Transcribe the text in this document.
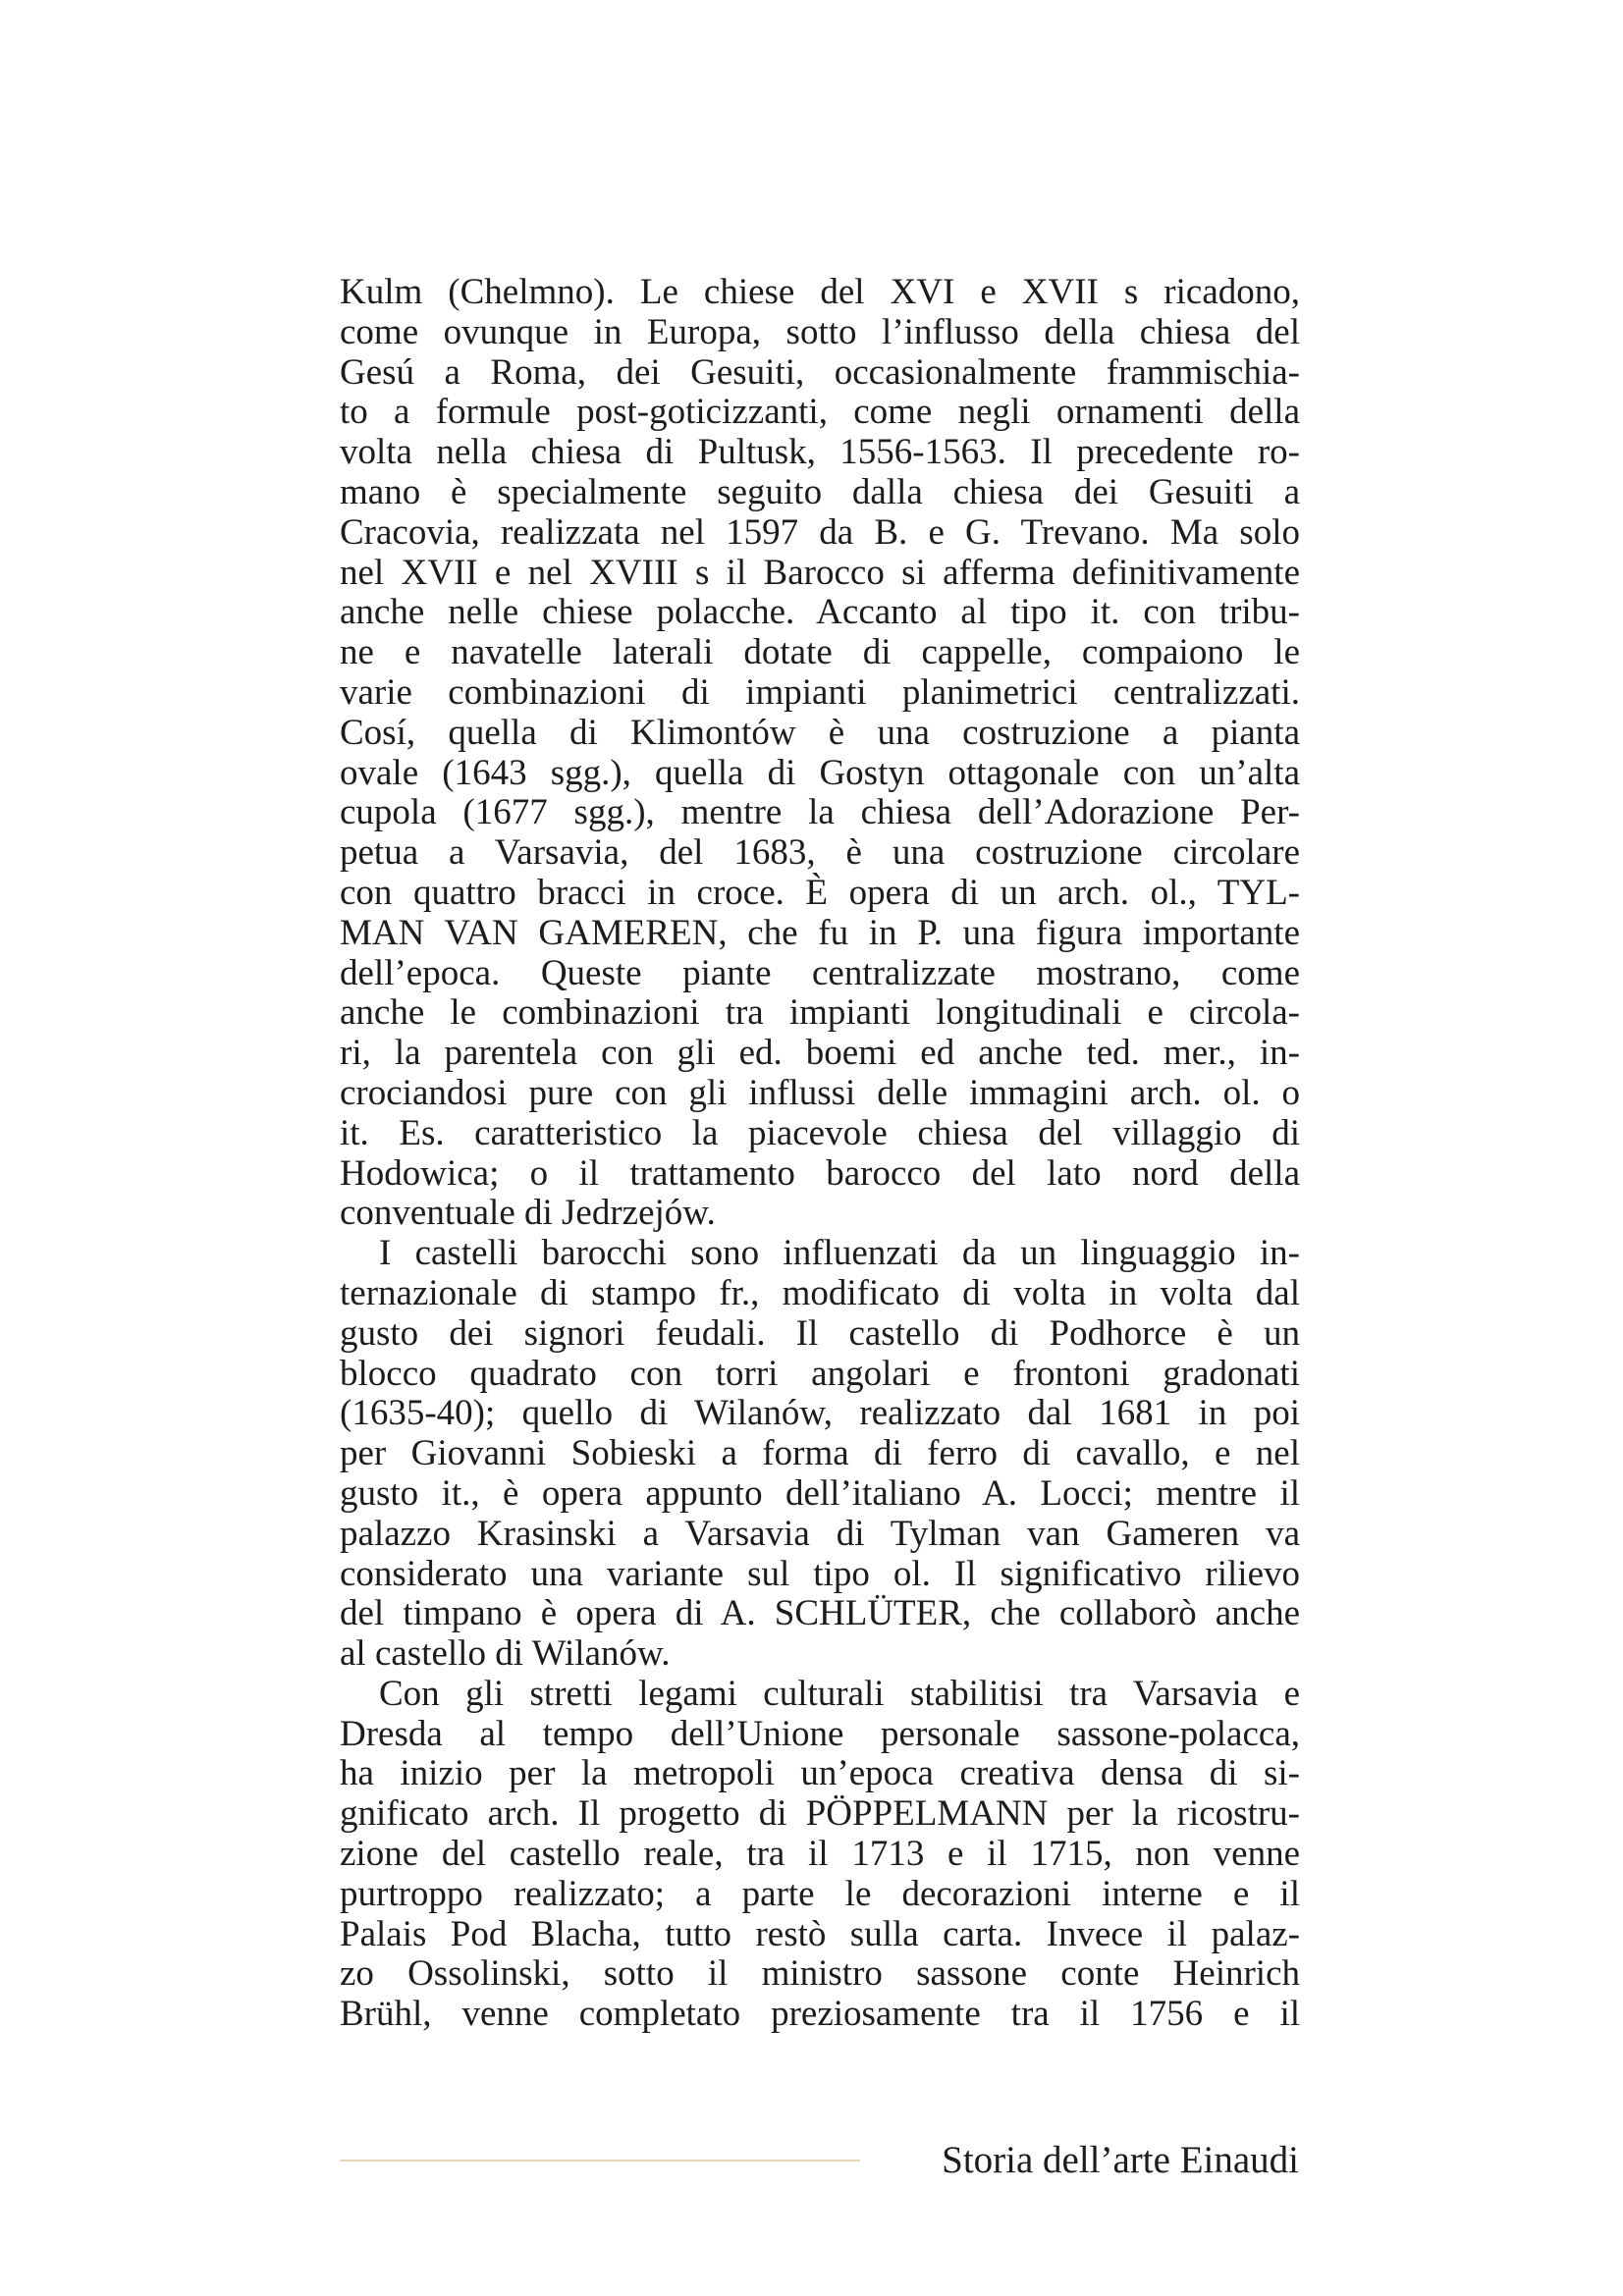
Kulm (Chelmno). Le chiese del XVI e XVII s ricadono,
come ovunque in Europa, sotto l’influsso della chiesa del
Gesú a Roma, dei Gesuiti, occasionalmente frammischia-
to a formule post-goticizzanti, come negli ornamenti della
volta nella chiesa di Pultusk, 1556-1563. Il precedente ro-
mano è specialmente seguito dalla chiesa dei Gesuiti a
Cracovia, realizzata nel 1597 da B. e G. Trevano. Ma solo
nel XVII e nel XVIII s il Barocco si afferma definitivamente
anche nelle chiese polacche. Accanto al tipo it. con tribu-
ne e navatelle laterali dotate di cappelle, compaiono le
varie combinazioni di impianti planimetrici centralizzati.
Cosí, quella di Klimontów è una costruzione a pianta
ovale (1643 sgg.), quella di Gostyn ottagonale con un’alta
cupola (1677 sgg.), mentre la chiesa dell’Adorazione Per-
petua a Varsavia, del 1683, è una costruzione circolare
con quattro bracci in croce. È opera di un arch. ol., TYL-
MAN VAN GAMEREN, che fu in P. una figura importante
dell’epoca. Queste piante centralizzate mostrano, come
anche le combinazioni tra impianti longitudinali e circola-
ri, la parentela con gli ed. boemi ed anche ted. mer., in-
crociandosi pure con gli influssi delle immagini arch. ol. o
it. Es. caratteristico la piacevole chiesa del villaggio di
Hodowica; o il trattamento barocco del lato nord della
conventuale di Jedrzejów.
I castelli barocchi sono influenzati da un linguaggio in-
ternazionale di stampo fr., modificato di volta in volta dal
gusto dei signori feudali. Il castello di Podhorce è un
blocco quadrato con torri angolari e frontoni gradonati
(1635-40); quello di Wilanów, realizzato dal 1681 in poi
per Giovanni Sobieski a forma di ferro di cavallo, e nel
gusto it., è opera appunto dell’italiano A. Locci; mentre il
palazzo Krasinski a Varsavia di Tylman van Gameren va
considerato una variante sul tipo ol. Il significativo rilievo
del timpano è opera di A. SCHLÜTER, che collaborò anche
al castello di Wilanów.
Con gli stretti legami culturali stabilitisi tra Varsavia e
Dresda al tempo dell’Unione personale sassone-polacca,
ha inizio per la metropoli un’epoca creativa densa di si-
gnificato arch. Il progetto di PÖPPELMANN per la ricostru-
zione del castello reale, tra il 1713 e il 1715, non venne
purtroppo realizzato; a parte le decorazioni interne e il
Palais Pod Blacha, tutto restò sulla carta. Invece il palaz-
zo Ossolinski, sotto il ministro sassone conte Heinrich
Brühl, venne completato preziosamente tra il 1756 e il
Storia dell’arte Einaudi
